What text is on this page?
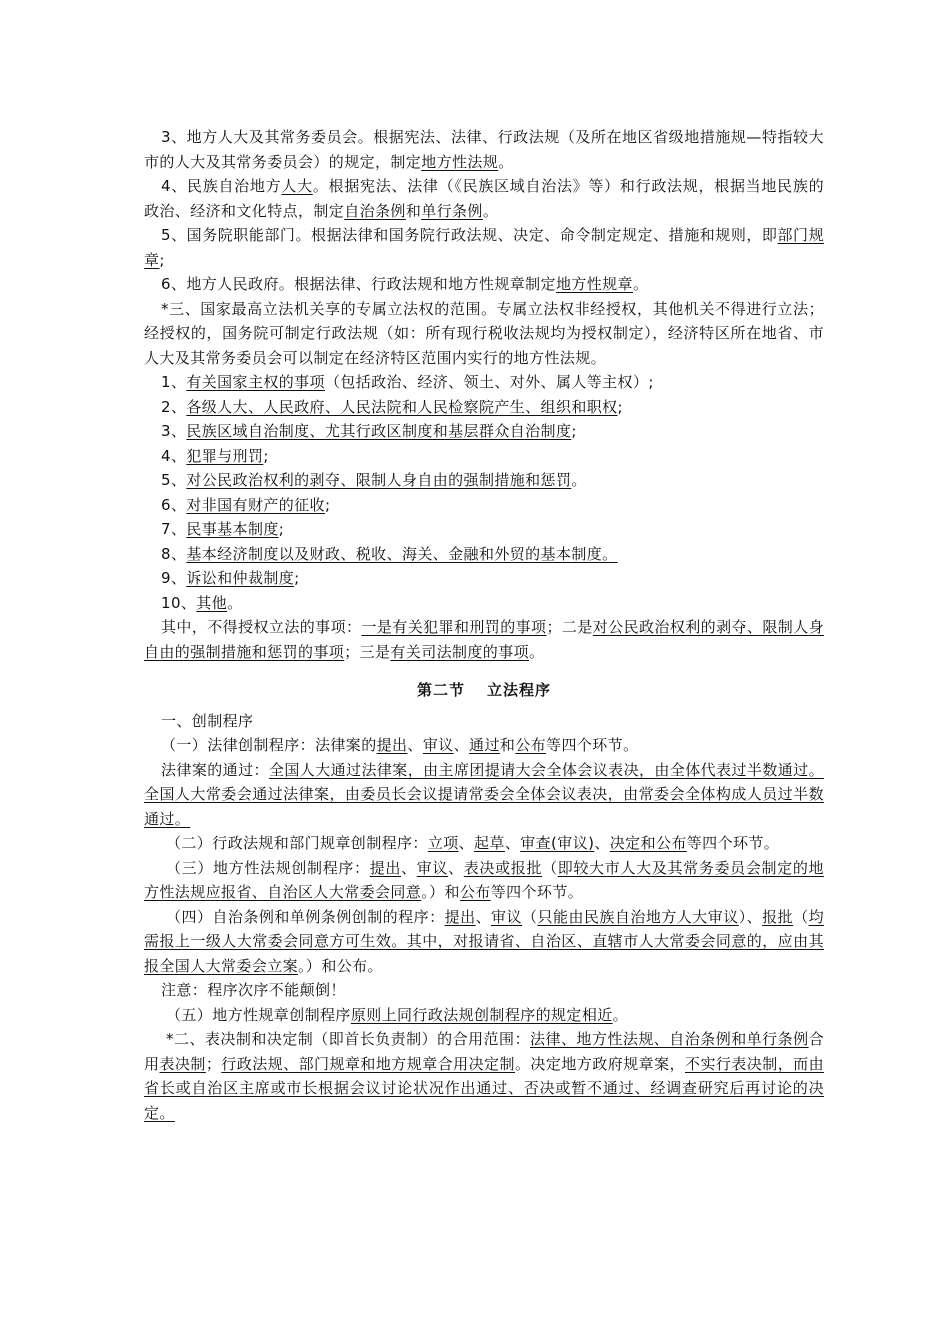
3、地方人大及其常务委员会。根据宪法、法律、行政法规（及所在地区省级地措施规—特指较大市的人大及其常务委员会）的规定，制定地方性法规。

4、民族自治地方人大。根据宪法、法律（《民族区域自治法》等）和行政法规，根据当地民族的政治、经济和文化特点，制定自治条例和单行条例。

5、国务院职能部门。根据法律和国务院行政法规、决定、命令制定规定、措施和规则，即部门规章;

6、地方人民政府。根据法律、行政法规和地方性规章制定地方性规章。

*三、国家最高立法机关享的专属立法权的范围。专属立法权非经授权，其他机关不得进行立法；经授权的，国务院可制定行政法规（如：所有现行税收法规均为授权制定），经济特区所在地省、市人大及其常务委员会可以制定在经济特区范围内实行的地方性法规。

1、有关国家主权的事项（包括政治、经济、领土、对外、属人等主权）;

2、各级人大、人民政府、人民法院和人民检察院产生、组织和职权;

3、民族区域自治制度、尤其行政区制度和基层群众自治制度;

4、犯罪与刑罚;

5、对公民政治权利的剥夺、限制人身自由的强制措施和惩罚。

6、对非国有财产的征收;

7、民事基本制度;

8、基本经济制度以及财政、税收、海关、金融和外贸的基本制度。

9、诉讼和仲裁制度;

10、其他。

其中，不得授权立法的事项：一是有关犯罪和刑罚的事项；二是对公民政治权利的剥夺、限制人身自由的强制措施和惩罚的事项；三是有关司法制度的事项。

第二节 立法程序

一、创制程序

（一）法律创制程序：法律案的提出、审议、通过和公布等四个环节。

法律案的通过：全国人大通过法律案，由主席团提请大会全体会议表决，由全体代表过半数通过。全国人大常委会通过法律案，由委员长会议提请常委会全体会议表决，由常委会全体构成人员过半数通过。

（二）行政法规和部门规章创制程序：立项、起草、审查(审议)、决定和公布等四个环节。

（三）地方性法规创制程序：提出、审议、表决或报批（即较大市人大及其常务委员会制定的地方性法规应报省、自治区人大常委会同意。）和公布等四个环节。

（四）自治条例和单例条例创制的程序：提出、审议（只能由民族自治地方人大审议）、报批（均需报上一级人大常委会同意方可生效。其中，对报请省、自治区、直辖市人大常委会同意的，应由其报全国人大常委会立案。）和公布。

注意：程序次序不能颠倒！

（五）地方性规章创制程序原则上同行政法规创制程序的规定相近。

*二、表决制和决定制（即首长负责制）的合用范围：法律、地方性法规、自治条例和单行条例合用表决制；行政法规、部门规章和地方规章合用决定制。决定地方政府规章案，不实行表决制，而由省长或自治区主席或市长根据会议讨论状况作出通过、否决或暂不通过、经调查研究后再讨论的决定。
